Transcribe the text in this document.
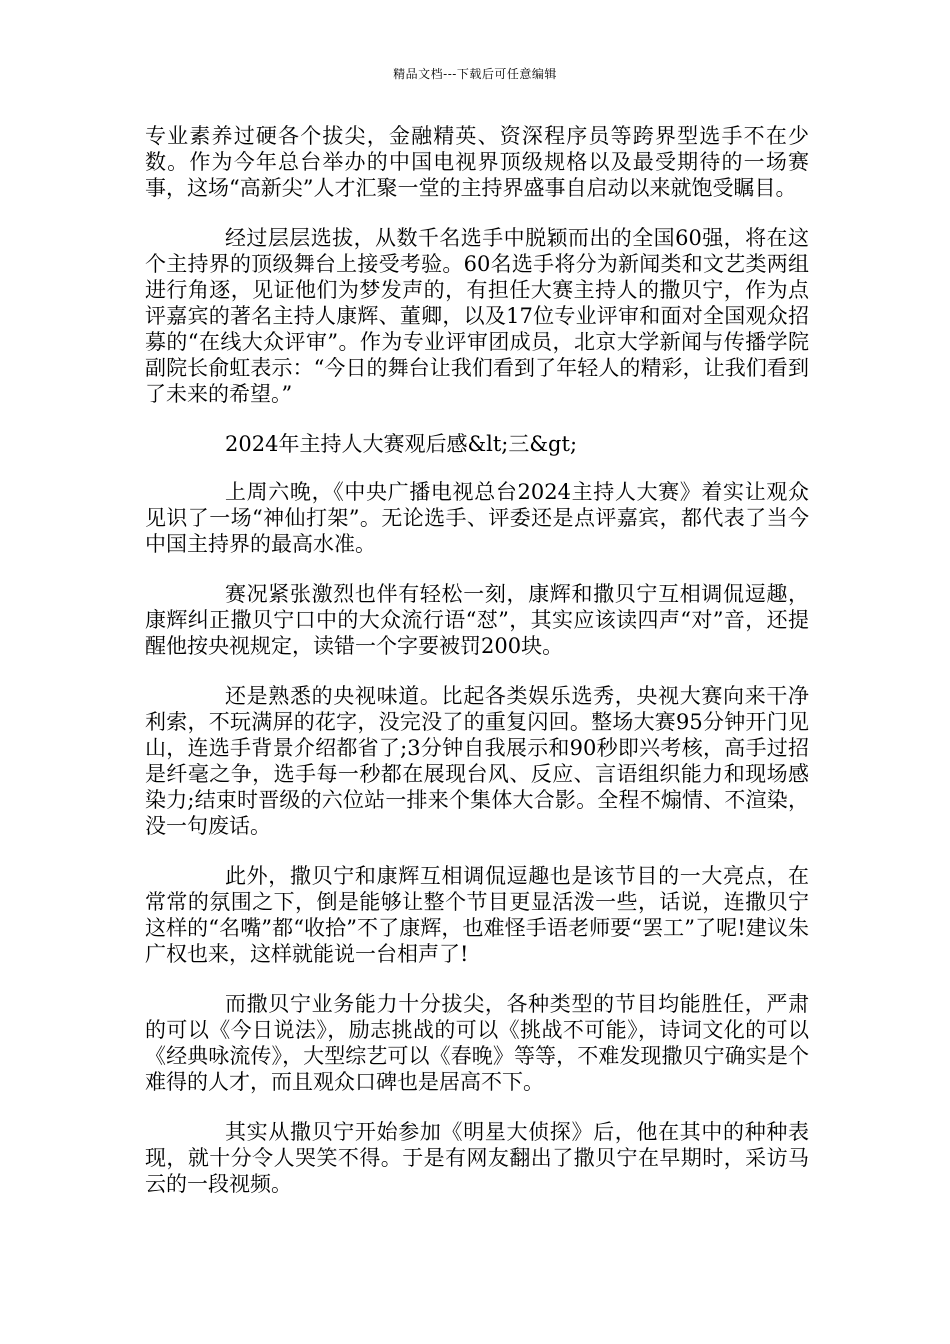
精品文档---下载后可任意编辑

专业素养过硬各个拔尖，金融精英、资深程序员等跨界型选手不在少数。作为今年总台举办的中国电视界顶级规格以及最受期待的一场赛事，这场“高新尖”人才汇聚一堂的主持界盛事自启动以来就饱受瞩目。

经过层层选拔，从数千名选手中脱颖而出的全国60强，将在这个主持界的顶级舞台上接受考验。60名选手将分为新闻类和文艺类两组进行角逐，见证他们为梦发声的，有担任大赛主持人的撒贝宁，作为点评嘉宾的著名主持人康辉、董卿，以及17位专业评审和面对全国观众招募的“在线大众评审”。作为专业评审团成员，北京大学新闻与传播学院副院长俞虹表示：“今日的舞台让我们看到了年轻人的精彩，让我们看到了未来的希望。”

2024年主持人大赛观后感&lt;三&gt;

上周六晚，《中央广播电视总台2024主持人大赛》着实让观众见识了一场“神仙打架”。无论选手、评委还是点评嘉宾，都代表了当今中国主持界的最高水准。

赛况紧张激烈也伴有轻松一刻，康辉和撒贝宁互相调侃逗趣，康辉纠正撒贝宁口中的大众流行语“怼”，其实应该读四声“对”音，还提醒他按央视规定，读错一个字要被罚200块。

还是熟悉的央视味道。比起各类娱乐选秀，央视大赛向来干净利索，不玩满屏的花字，没完没了的重复闪回。整场大赛95分钟开门见山，连选手背景介绍都省了;3分钟自我展示和90秒即兴考核，高手过招是纤毫之争，选手每一秒都在展现台风、反应、言语组织能力和现场感染力;结束时晋级的六位站一排来个集体大合影。全程不煽情、不渲染，没一句废话。

此外，撒贝宁和康辉互相调侃逗趣也是该节目的一大亮点，在常常的氛围之下，倒是能够让整个节目更显活泼一些，话说，连撒贝宁这样的“名嘴”都“收拾”不了康辉，也难怪手语老师要“罢工”了呢!建议朱广权也来，这样就能说一台相声了!

而撒贝宁业务能力十分拔尖，各种类型的节目均能胜任，严肃的可以《今日说法》，励志挑战的可以《挑战不可能》，诗词文化的可以《经典咏流传》，大型综艺可以《春晚》等等，不难发现撒贝宁确实是个难得的人才，而且观众口碑也是居高不下。

其实从撒贝宁开始参加《明星大侦探》后，他在其中的种种表现，就十分令人哭笑不得。于是有网友翻出了撒贝宁在早期时，采访马云的一段视频。
